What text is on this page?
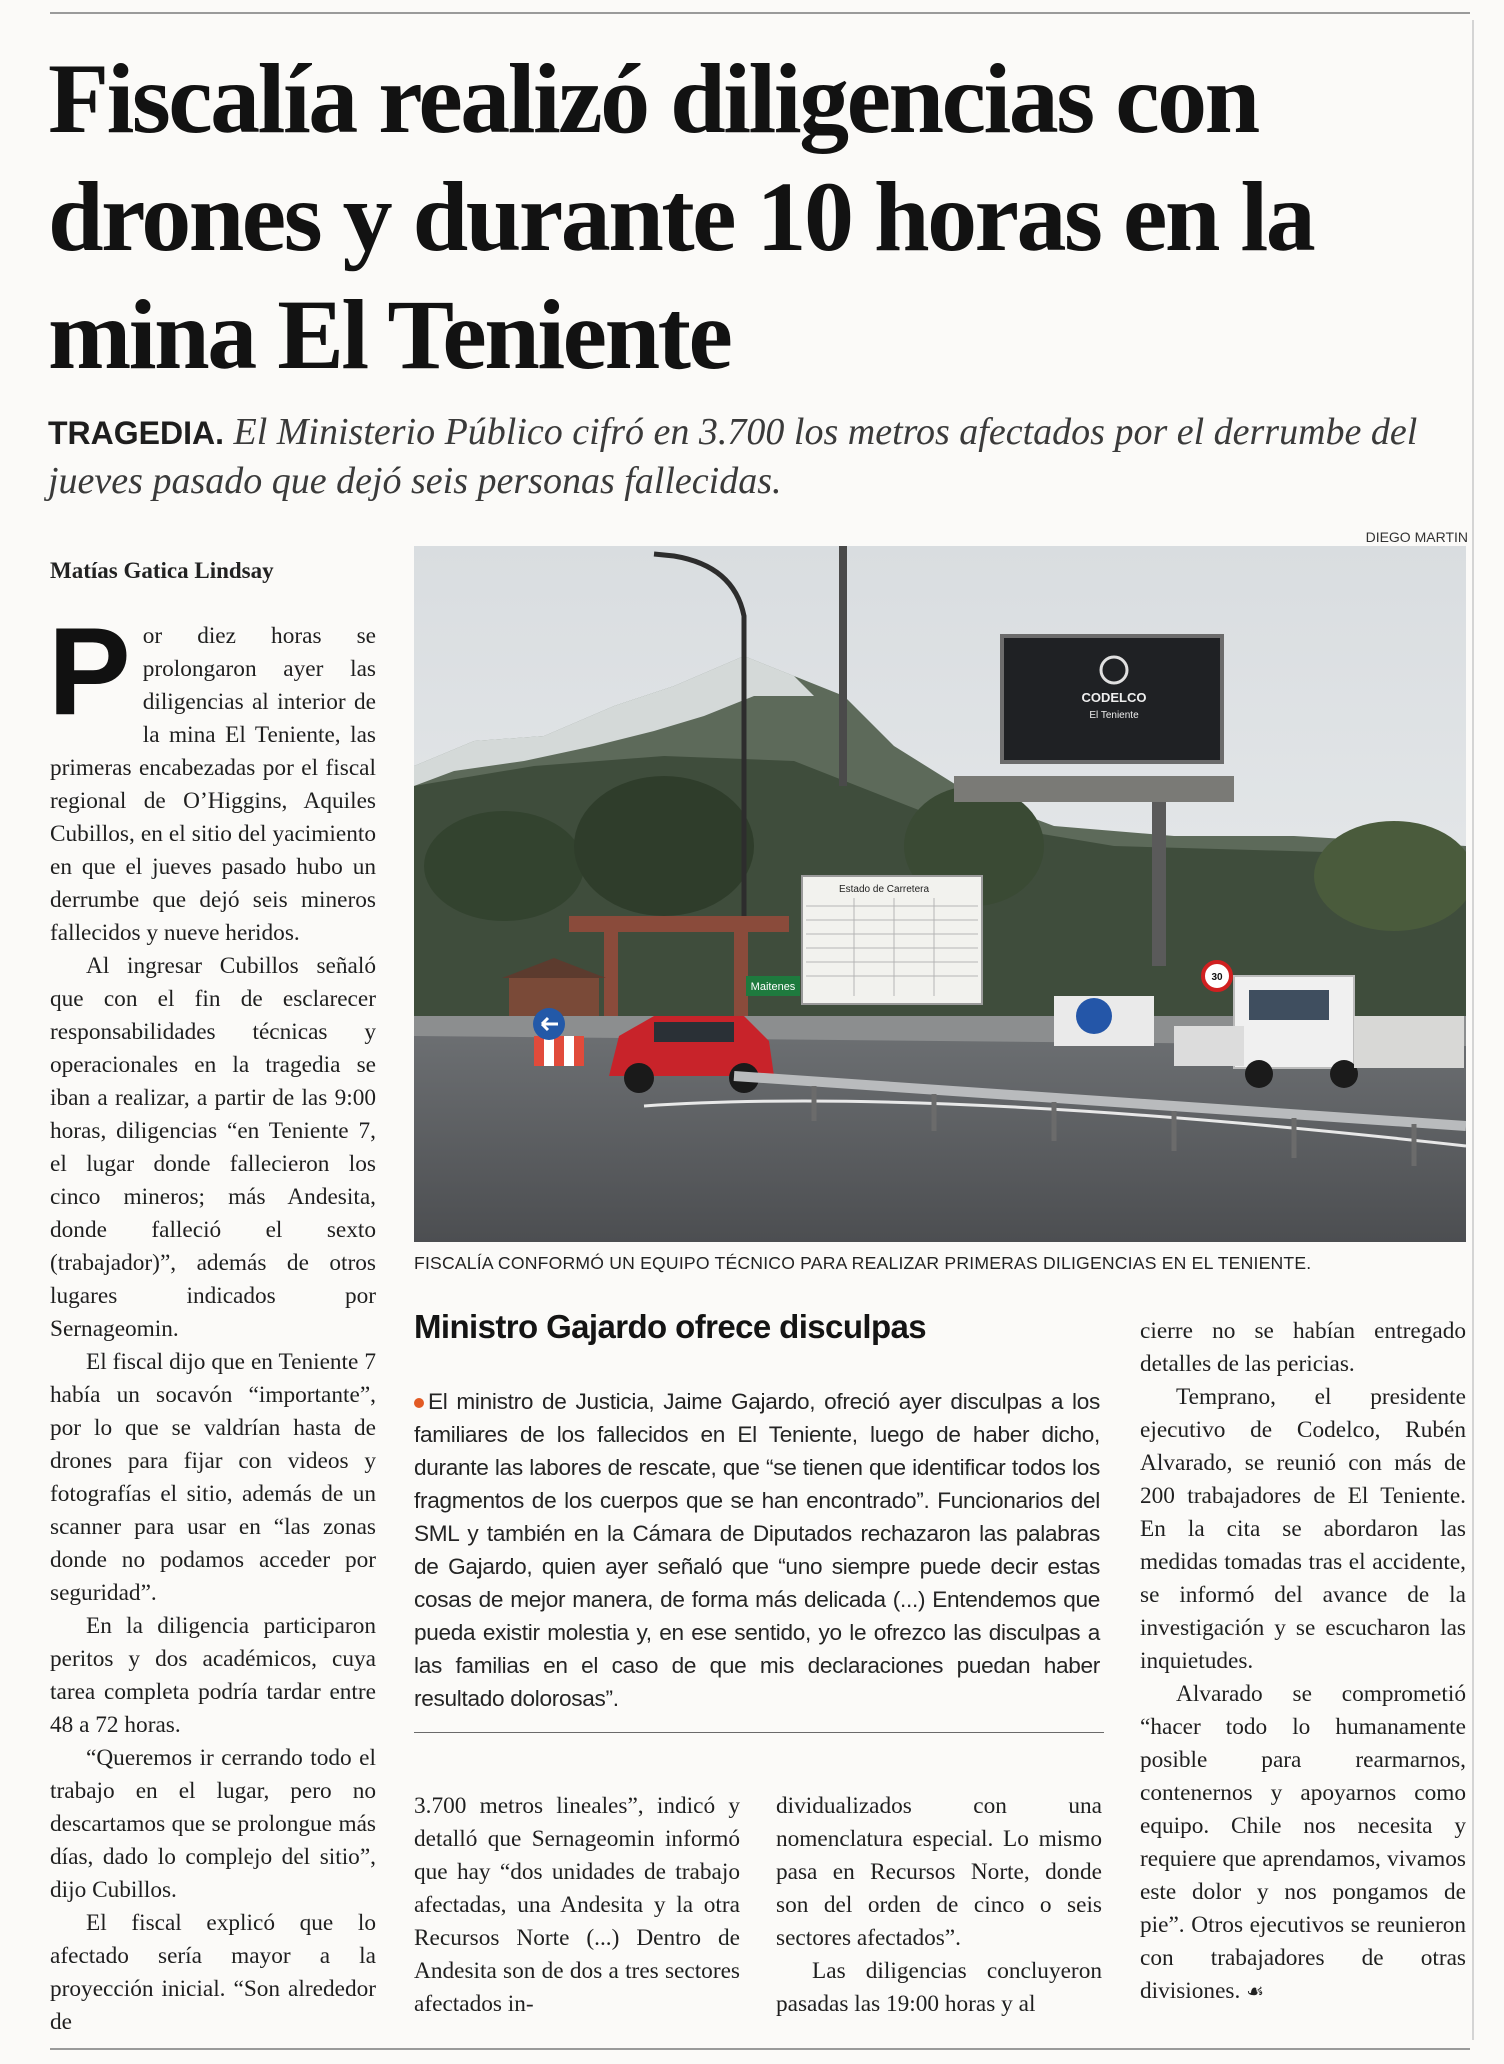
Fiscalía realizó diligencias con drones y durante 10 horas en la mina El Teniente
TRAGEDIA. El Ministerio Público cifró en 3.700 los metros afectados por el derrumbe del jueves pasado que dejó seis personas fallecidas.
DIEGO MARTIN
Matías Gatica Lindsay
P or diez horas se prolongaron ayer las diligencias al interior de la mina El Teniente, las primeras encabezadas por el fiscal regional de O’Higgins, Aquiles Cubillos, en el sitio del yacimiento en que el jueves pasado hubo un derrumbe que dejó seis mineros fallecidos y nueve heridos.

Al ingresar Cubillos señaló que con el fin de esclarecer responsabilidades técnicas y operacionales en la tragedia se iban a realizar, a partir de las 9:00 horas, diligencias “en Teniente 7, el lugar donde fallecieron los cinco mineros; más Andesita, donde falleció el sexto (trabajador)”, además de otros lugares indicados por Sernageomin.

El fiscal dijo que en Teniente 7 había un socavón “importante”, por lo que se valdrían hasta de drones para fijar con videos y fotografías el sitio, además de un scanner para usar en “las zonas donde no podamos acceder por seguridad”.

En la diligencia participaron peritos y dos académicos, cuya tarea completa podría tardar entre 48 a 72 horas.

“Queremos ir cerrando todo el trabajo en el lugar, pero no descartamos que se prolongue más días, dado lo complejo del sitio”, dijo Cubillos.

El fiscal explicó que lo afectado sería mayor a la proyección inicial. “Son alrededor de

CODELCO
El Teniente
Estado de Carretera
Maitenes
30
FISCALÍA CONFORMÓ UN EQUIPO TÉCNICO PARA REALIZAR PRIMERAS DILIGENCIAS EN EL TENIENTE.
Ministro Gajardo ofrece disculpas
El ministro de Justicia, Jaime Gajardo, ofreció ayer disculpas a los familiares de los fallecidos en El Teniente, luego de haber dicho, durante las labores de rescate, que “se tienen que identificar todos los fragmentos de los cuerpos que se han encontrado”. Funcionarios del SML y también en la Cámara de Diputados rechazaron las palabras de Gajardo, quien ayer señaló que “uno siempre puede decir estas cosas de mejor manera, de forma más delicada (...) Entendemos que pueda existir molestia y, en ese sentido, yo le ofrezco las disculpas a las familias en el caso de que mis declaraciones puedan haber resultado dolorosas”.

3.700 metros lineales”, indicó y detalló que Sernageomin informó que hay “dos unidades de trabajo afectadas, una Andesita y la otra Recursos Norte (...) Dentro de Andesita son de dos a tres sectores afectados in-

dividualizados con una nomenclatura especial. Lo mismo pasa en Recursos Norte, donde son del orden de cinco o seis sectores afectados”.

Las diligencias concluyeron pasadas las 19:00 horas y al

cierre no se habían entregado detalles de las pericias.

Temprano, el presidente ejecutivo de Codelco, Rubén Alvarado, se reunió con más de 200 trabajadores de El Teniente. En la cita se abordaron las medidas tomadas tras el accidente, se informó del avance de la investigación y se escucharon las inquietudes.

Alvarado se comprometió “hacer todo lo humanamente posible para rearmarnos, contenernos y apoyarnos como equipo. Chile nos necesita y requiere que aprendamos, vivamos este dolor y nos pongamos de pie”. Otros ejecutivos se reunieron con trabajadores de otras divisiones. ☙
